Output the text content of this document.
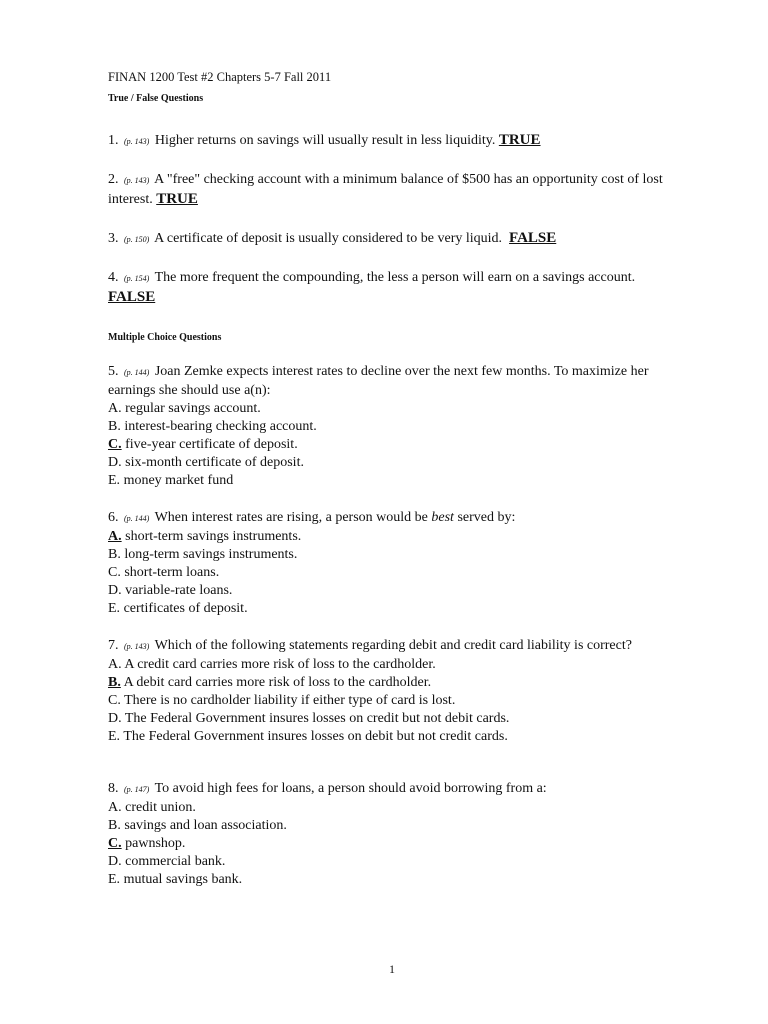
FINAN 1200 Test #2 Chapters 5-7 Fall 2011

True / False Questions

1. (p. 143) Higher returns on savings will usually result in less liquidity. TRUE

2. (p. 143) A "free" checking account with a minimum balance of $500 has an opportunity cost of lost interest. TRUE

3. (p. 150) A certificate of deposit is usually considered to be very liquid. FALSE

4. (p. 154) The more frequent the compounding, the less a person will earn on a savings account.   FALSE

Multiple Choice Questions

5. (p. 144) Joan Zemke expects interest rates to decline over the next few months. To maximize her earnings she should use a(n):

A. regular savings account.
B. interest-bearing checking account.
C. five-year certificate of deposit.
D. six-month certificate of deposit.
E. money market fund

6. (p. 144) When interest rates are rising, a person would be best served by:

A. short-term savings instruments.
B. long-term savings instruments.
C. short-term loans.
D. variable-rate loans.
E. certificates of deposit.

7. (p. 143) Which of the following statements regarding debit and credit card liability is correct?

A. A credit card carries more risk of loss to the cardholder.
B. A debit card carries more risk of loss to the cardholder.
C. There is no cardholder liability if either type of card is lost.
D. The Federal Government insures losses on credit but not debit cards.
E. The Federal Government insures losses on debit but not credit cards.

8. (p. 147) To avoid high fees for loans, a person should avoid borrowing from a:

A. credit union.
B. savings and loan association.
C. pawnshop.
D. commercial bank.
E. mutual savings bank.
1
